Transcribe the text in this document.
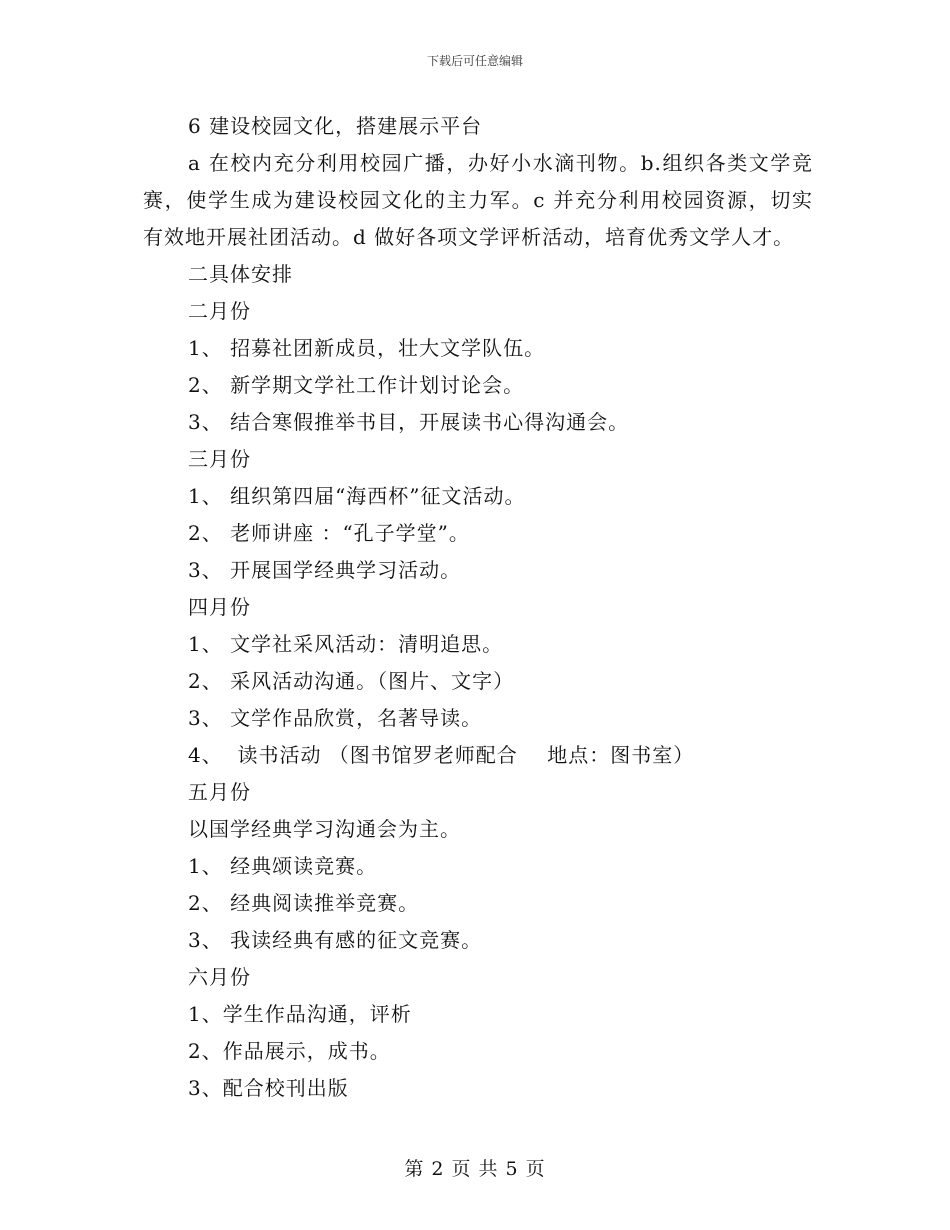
下载后可任意编辑
6 建设校园文化，搭建展示平台
a 在校内充分利用校园广播，办好小水滴刊物。b.组织各类文学竞赛，使学生成为建设校园文化的主力军。c 并充分利用校园资源，切实有效地开展社团活动。d 做好各项文学评析活动，培育优秀文学人才。
二具体安排
二月份
1、 招募社团新成员，壮大文学队伍。
2、 新学期文学社工作计划讨论会。
3、 结合寒假推举书目，开展读书心得沟通会。
三月份
1、 组织第四届“海西杯”征文活动。
2、 老师讲座 ：“孔子学堂”。
3、 开展国学经典学习活动。
四月份
1、 文学社采风活动：清明追思。
2、 采风活动沟通。（图片、文字）
3、 文学作品欣赏，名著导读。
4、  读书活动 （图书馆罗老师配合    地点：图书室）
五月份
以国学经典学习沟通会为主。
1、 经典颂读竞赛。
2、 经典阅读推举竞赛。
3、 我读经典有感的征文竞赛。
六月份
1、学生作品沟通，评析
2、作品展示，成书。
3、配合校刊出版
第 2 页 共 5 页
